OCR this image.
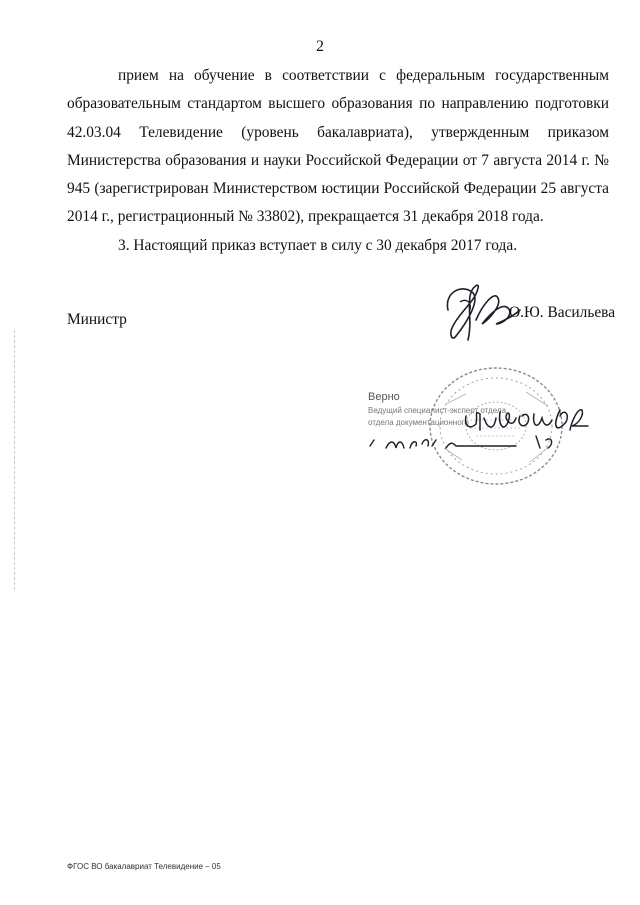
2

прием на обучение в соответствии с федеральным государственным образовательным стандартом высшего образования по направлению подготовки 42.03.04 Телевидение (уровень бакалавриата), утвержденным приказом Министерства образования и науки Российской Федерации от 7 августа 2014 г. № 945 (зарегистрирован Министерством юстиции Российской Федерации 25 августа 2014 г., регистрационный № 33802), прекращается 31 декабря 2018 года.

3. Настоящий приказ вступает в силу с 30 декабря 2017 года.

Министр	О.Ю. Васильева
Верно
Ведущий специалист-эксперт отдела
отдела документационного
ФГОС ВО бакалавриат Телевидение – 05
